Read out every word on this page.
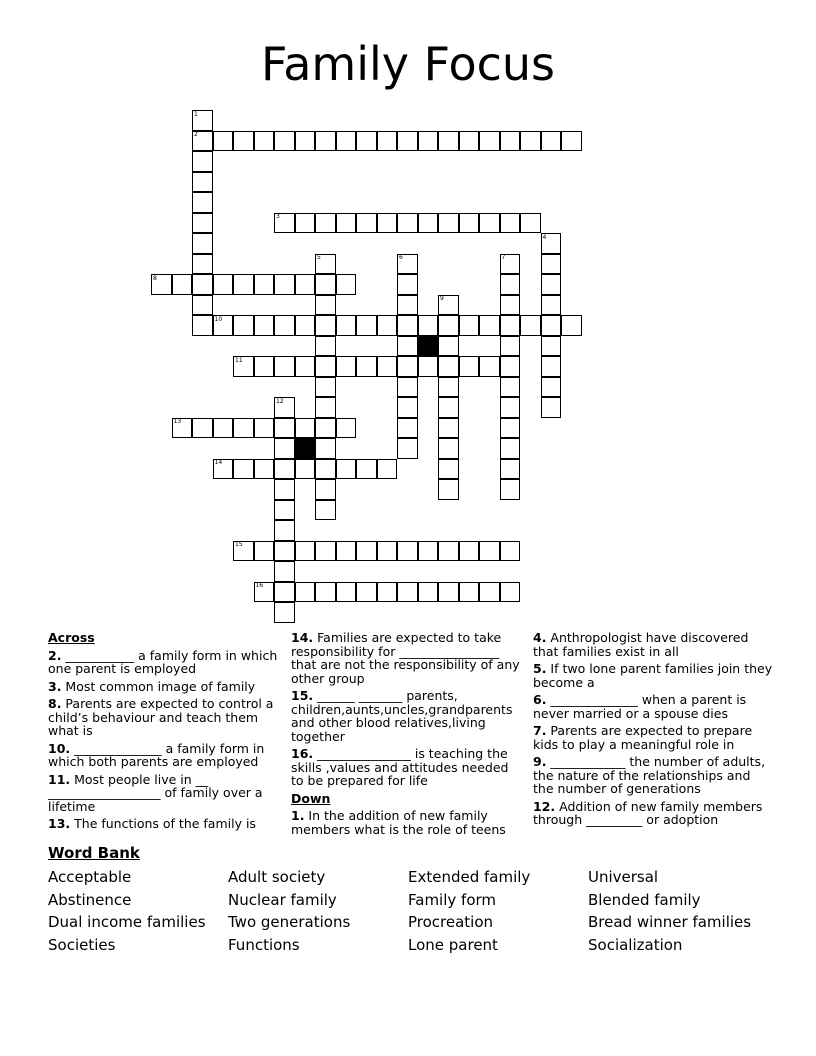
Family Focus
1
2
3
4
5	6	7
8
9
10
11
12
13
14
15
16
Across
2. ___________ a family form in which one parent is employed
3. Most common image of family
8. Parents are expected to control a child’s behaviour and teach them what is
10. ______________ a family form in which both parents are employed
11. Most people live in __ __________________ of family over a lifetime
13. The functions of the family is
14. Families are expected to take responsibility for ________________ that are not the responsibility of any other group
15. ______ _______ parents, children,aunts,uncles,grandparents and other blood relatives,living together
16. _______________ is teaching the skills ,values and attitudes needed to be prepared for life
Down
1. In the addition of new family members what is the role of teens
4. Anthropologist have discovered that families exist in all
5. If two lone parent families join they become a
6. ______________ when a parent is never married or a spouse dies
7. Parents are expected to prepare kids to play a meaningful role in
9. ____________ the number of adults, the nature of the relationships and the number of generations
12. Addition of new family members through _________ or adoption
Word Bank
Acceptable	Adult society	Extended family	Universal
Abstinence	Nuclear family	Family form	Blended family
Dual income families	Two generations	Procreation	Bread winner families
Societies	Functions	Lone parent	Socialization
